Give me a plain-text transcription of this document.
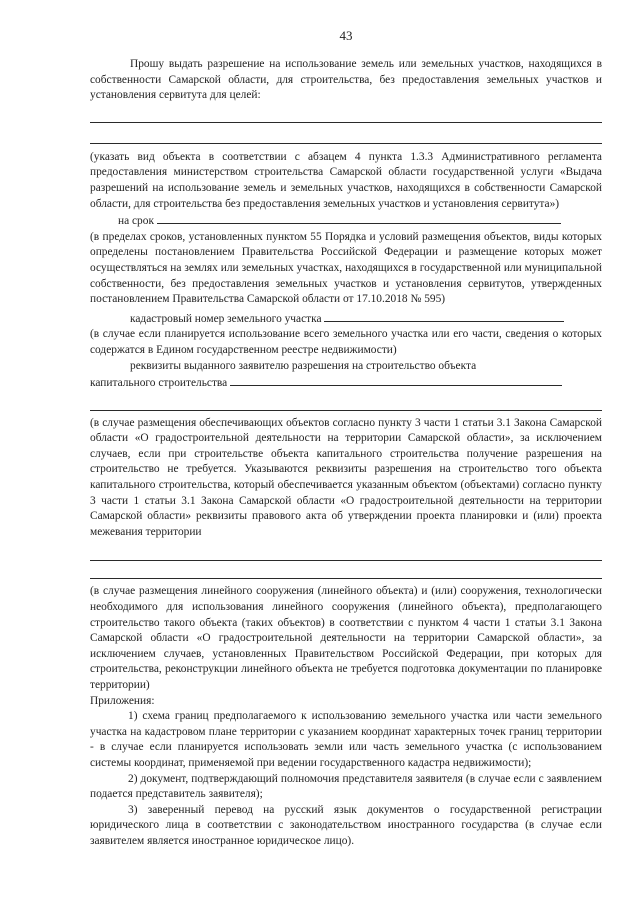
43

Прошу выдать разрешение на использование земель или земельных участков, находящихся в собственности Самарской области, для строительства, без предоставления земельных участков и установления сервитута для целей:

(указать вид объекта в соответствии с абзацем 4 пункта 1.3.3 Административного регламента предоставления министерством строительства Самарской области государственной услуги «Выдача разрешений на использование земель и земельных участков, находящихся в собственности Самарской области, для строительства без предоставления земельных участков и установления сервитута»)

на срок

(в пределах сроков, установленных пунктом 55 Порядка и условий размещения объектов, виды которых определены постановлением Правительства Российской Федерации и размещение которых может осуществляться на землях или земельных участках, находящихся в государственной или муниципальной собственности, без предоставления земельных участков и установления сервитутов, утвержденных постановлением Правительства Самарской области от 17.10.2018 № 595)

кадастровый номер земельного участка

(в случае если планируется использование всего земельного участка или его части, сведения о которых содержатся в Едином государственном реестре недвижимости)

реквизиты выданного заявителю разрешения на строительство объекта

капитального строительства

(в случае размещения обеспечивающих объектов согласно пункту 3 части 1 статьи 3.1 Закона Самарской области «О градостроительной деятельности на территории Самарской области», за исключением случаев, если при строительстве объекта капитального строительства получение разрешения на строительство не требуется. Указываются реквизиты разрешения на строительство того объекта капитального строительства, который обеспечивается указанным объектом (объектами) согласно пункту 3 части 1 статьи 3.1 Закона Самарской области «О градостроительной деятельности на территории Самарской области» реквизиты правового акта об утверждении проекта планировки и (или) проекта межевания территории

(в случае размещения линейного сооружения (линейного объекта) и (или) сооружения, технологически необходимого для использования линейного сооружения (линейного объекта), предполагающего строительство такого объекта (таких объектов) в соответствии с пунктом 4 части 1 статьи 3.1 Закона Самарской области «О градостроительной деятельности на территории Самарской области», за исключением случаев, установленных Правительством Российской Федерации, при которых для строительства, реконструкции линейного объекта не требуется подготовка документации по планировке территории)

Приложения:

1) схема границ предполагаемого к использованию земельного участка или части земельного участка на кадастровом плане территории с указанием координат характерных точек границ территории - в случае если планируется использовать земли или часть земельного участка (с использованием системы координат, применяемой при ведении государственного кадастра недвижимости);

2) документ, подтверждающий полномочия представителя заявителя (в случае если с заявлением подается представитель заявителя);

3) заверенный перевод на русский язык документов о государственной регистрации юридического лица в соответствии с законодательством иностранного государства (в случае если заявителем является иностранное юридическое лицо).
